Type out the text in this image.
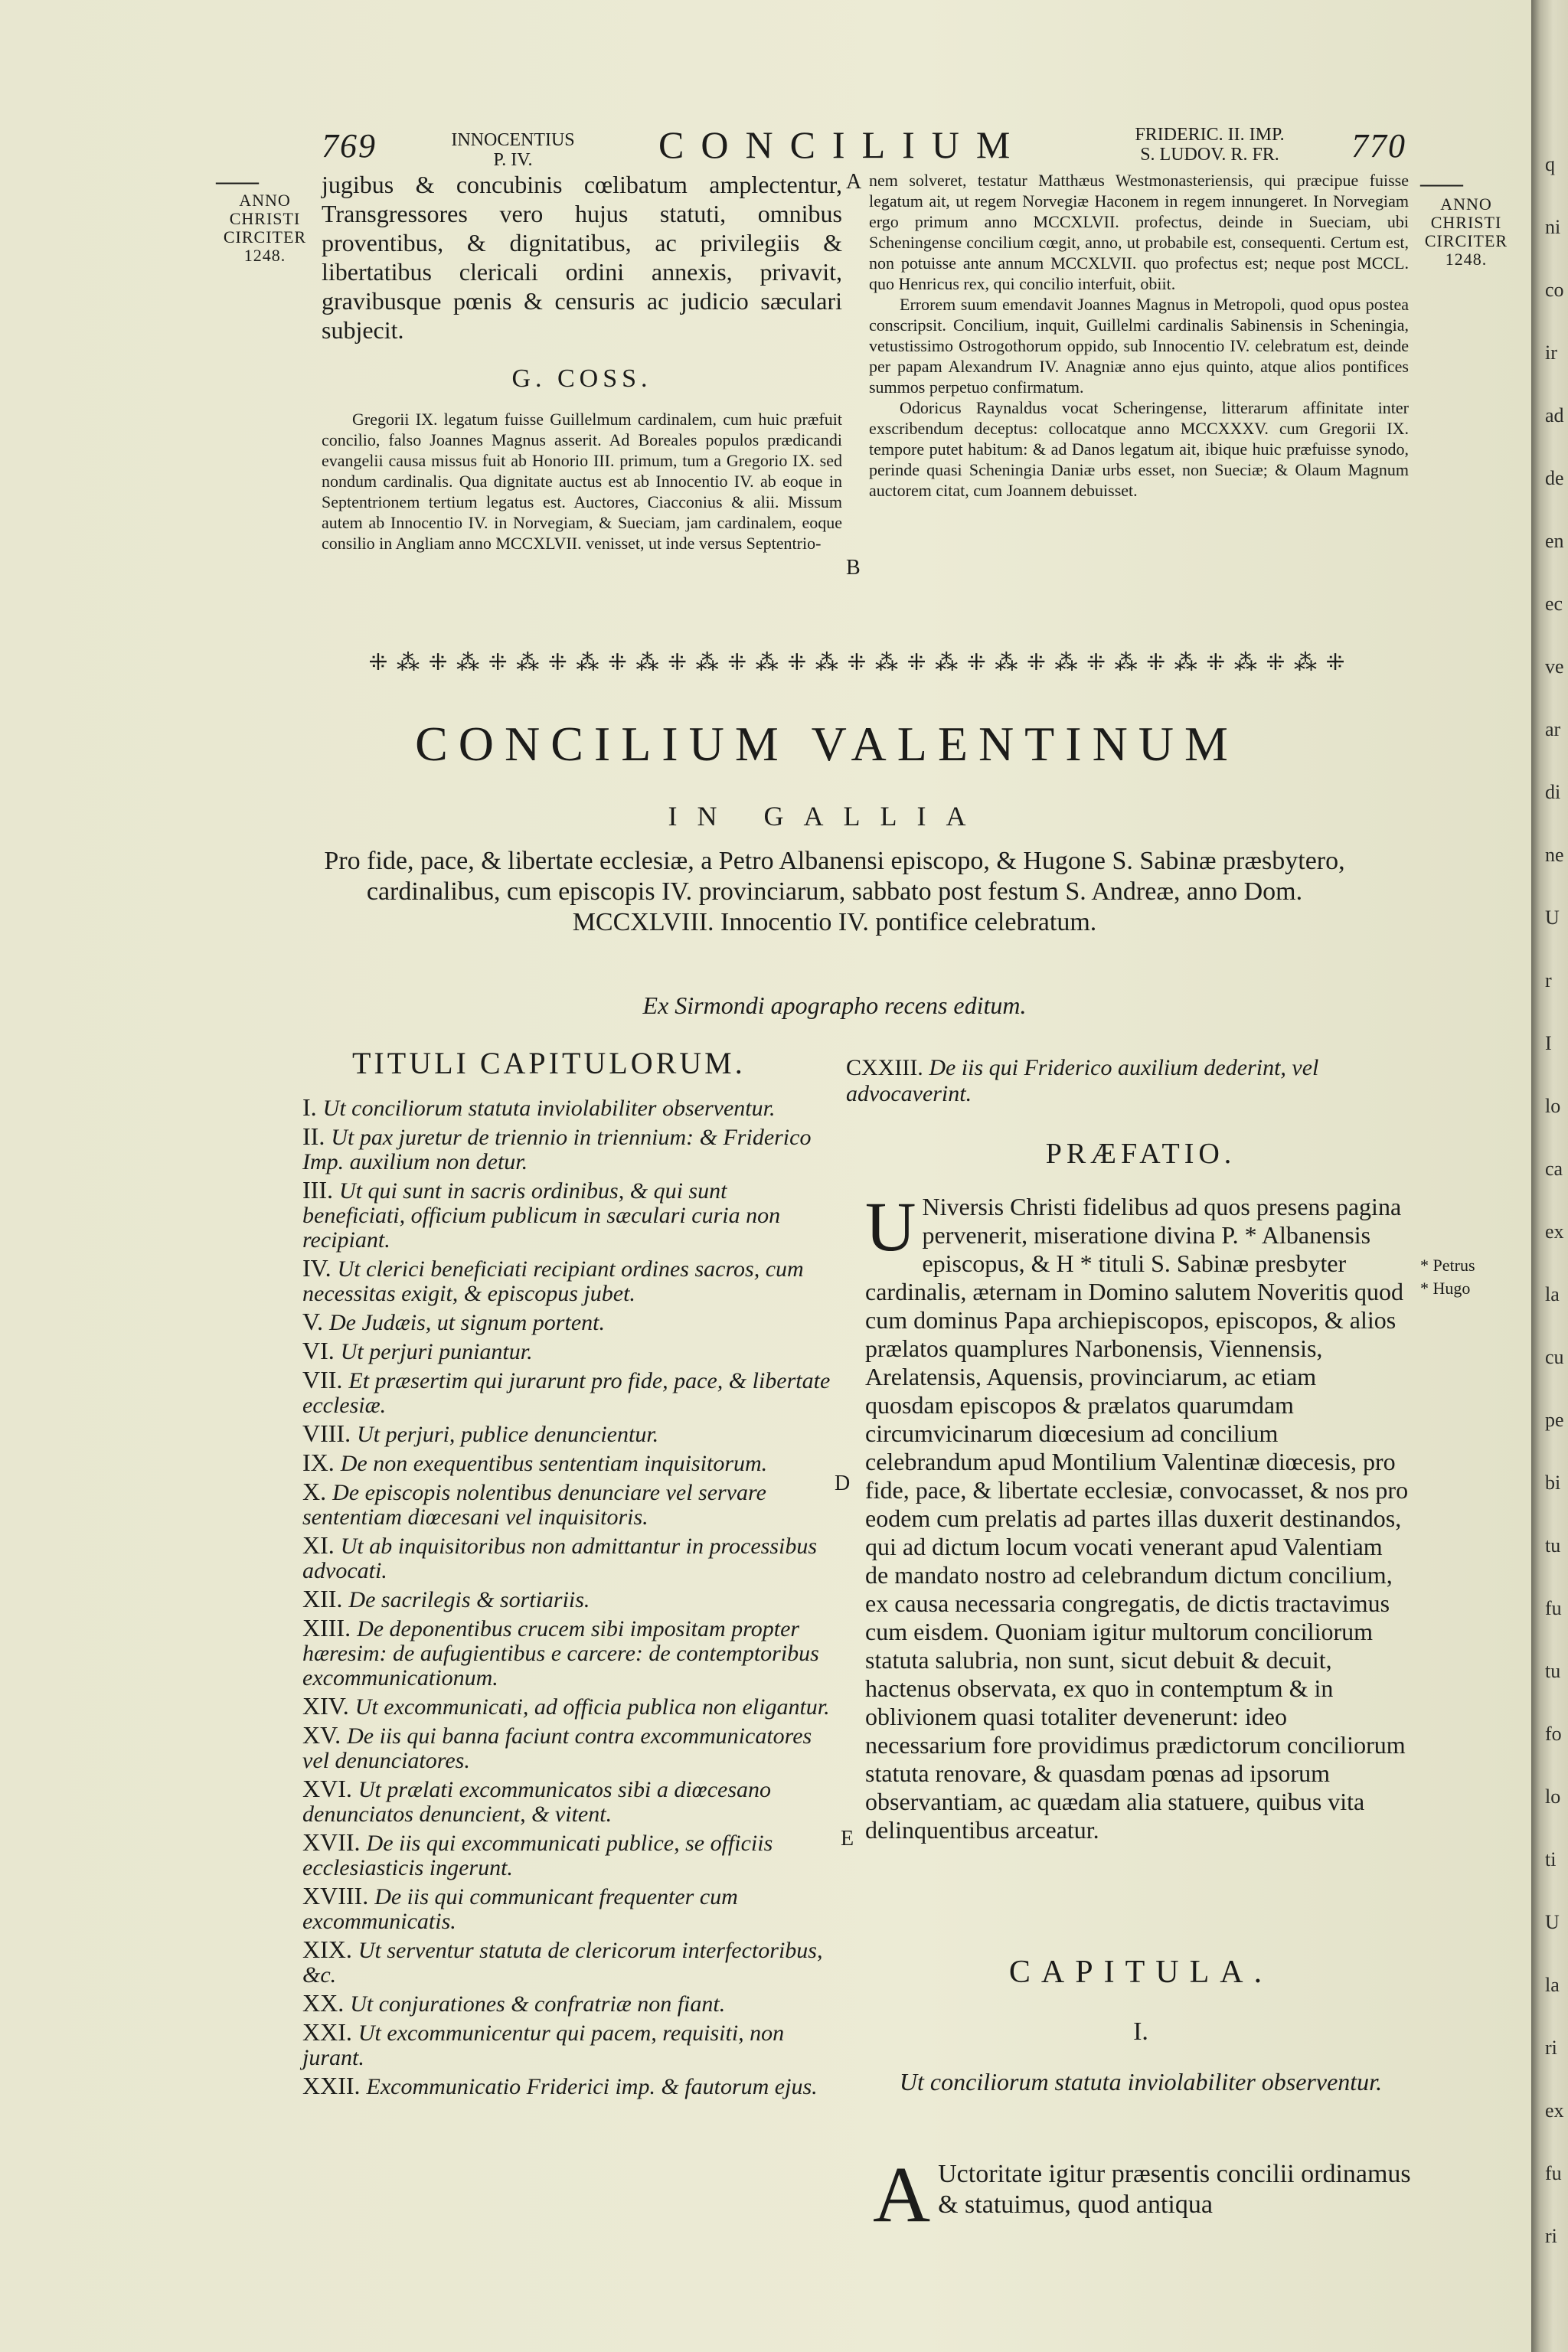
769	INNOCENTIUS
P. IV.	CONCILIUM	FRIDERIC. II. IMP.
S. LUDOV. R. FR.	770
——
ANNO
CHRISTI
CIRCITER
1248.
——
ANNO
CHRISTI
CIRCITER
1248.
A
B
D
E

jugibus & concubinis cœlibatum amplectentur, Transgressores vero hujus statuti, omnibus proventibus, & dignitatibus, ac privilegiis & libertatibus clericali ordini annexis, privavit, gravibusque pœnis & censuris ac judicio sæculari subjecit.

G. COSS.

Gregorii IX. legatum fuisse Guillelmum cardinalem, cum huic præfuit concilio, falso Joannes Magnus asserit. Ad Boreales populos prædicandi evangelii causa missus fuit ab Honorio III. primum, tum a Gregorio IX. sed nondum cardinalis. Qua dignitate auctus est ab Innocentio IV. ab eoque in Septentrionem tertium legatus est. Auctores, Ciacconius & alii. Missum autem ab Innocentio IV. in Norvegiam, & Sueciam, jam cardinalem, eoque consilio in Angliam anno MCCXLVII. venisset, ut inde versus Septentrio-

nem solveret, testatur Matthæus Westmonasteriensis, qui præcipue fuisse legatum ait, ut regem Norvegiæ Haconem in regem innungeret. In Norvegiam ergo primum anno MCCXLVII. profectus, deinde in Sueciam, ubi Scheningense concilium cœgit, anno, ut probabile est, consequenti. Certum est, non potuisse ante annum MCCXLVII. quo profectus est; neque post MCCL. quo Henricus rex, qui concilio interfuit, obiit.

Errorem suum emendavit Joannes Magnus in Metropoli, quod opus postea conscripsit. Concilium, inquit, Guillelmi cardinalis Sabinensis in Scheningia, vetustissimo Ostrogothorum oppido, sub Innocentio IV. celebratum est, deinde per papam Alexandrum IV. Anagniæ anno ejus quinto, atque alios pontifices summos perpetuo confirmatum.

Odoricus Raynaldus vocat Scheringense, litterarum affinitate inter exscribendum deceptus: collocatque anno MCCXXXV. cum Gregorii IX. tempore putet habitum: & ad Danos legatum ait, ibique huic præfuisse synodo, perinde quasi Scheningia Daniæ urbs esset, non Sueciæ; & Olaum Magnum auctorem citat, cum Joannem debuisset.

⁜ ⁂ ⁜ ⁂ ⁜ ⁂ ⁜ ⁂ ⁜ ⁂ ⁜ ⁂ ⁜ ⁂ ⁜ ⁂ ⁜ ⁂ ⁜ ⁂ ⁜ ⁂ ⁜ ⁂ ⁜ ⁂ ⁜ ⁂ ⁜ ⁂ ⁜ ⁂ ⁜
CONCILIUM VALENTINUM
IN GALLIA
Pro fide, pace, & libertate ecclesiæ, a Petro Albanensi episcopo, & Hugone S. Sabinæ præsbytero, cardinalibus, cum episcopis IV. provinciarum, sabbato post festum S. Andreæ, anno Dom. MCCXLVIII. Innocentio IV. pontifice celebratum.
Ex Sirmondi apographo recens editum.
TITULI CAPITULORUM.
I. Ut conciliorum statuta inviolabiliter observentur.
II. Ut pax juretur de triennio in triennium: & Friderico Imp. auxilium non detur.
III. Ut qui sunt in sacris ordinibus, & qui sunt beneficiati, officium publicum in sæculari curia non recipiant.
IV. Ut clerici beneficiati recipiant ordines sacros, cum necessitas exigit, & episcopus jubet.
V. De Judæis, ut signum portent.
VI. Ut perjuri puniantur.
VII. Et præsertim qui jurarunt pro fide, pace, & libertate ecclesiæ.
VIII. Ut perjuri, publice denuncientur.
IX. De non exequentibus sententiam inquisitorum.
X. De episcopis nolentibus denunciare vel servare sententiam diœcesani vel inquisitoris.
XI. Ut ab inquisitoribus non admittantur in processibus advocati.
XII. De sacrilegis & sortiariis.
XIII. De deponentibus crucem sibi impositam propter hæresim: de aufugientibus e carcere: de contemptoribus excommunicationum.
XIV. Ut excommunicati, ad officia publica non eligantur.
XV. De iis qui banna faciunt contra excommunicatores vel denunciatores.
XVI. Ut prælati excommunicatos sibi a diœcesano denunciatos denuncient, & vitent.
XVII. De iis qui excommunicati publice, se officiis ecclesiasticis ingerunt.
XVIII. De iis qui communicant frequenter cum excommunicatis.
XIX. Ut serventur statuta de clericorum interfectoribus, &c.
XX. Ut conjurationes & confratriæ non fiant.
XXI. Ut excommunicentur qui pacem, requisiti, non jurant.
XXII. Excommunicatio Friderici imp. & fautorum ejus.
CXXIII. De iis qui Friderico auxilium dederint, vel advocaverint.
PRÆFATIO.
U Niversis Christi fidelibus ad quos presens pagina pervenerit, miseratione divina P. * Albanensis episcopus, & H * tituli S. Sabinæ presbyter cardinalis, æternam in Domino salutem Noveritis quod cum dominus Papa archiepiscopos, episcopos, & alios prælatos quamplures Narbonensis, Viennensis, Arelatensis, Aquensis, provinciarum, ac etiam quosdam episcopos & prælatos quarumdam circumvicinarum diœcesium ad concilium celebrandum apud Montilium Valentinæ diœcesis, pro fide, pace, & libertate ecclesiæ, convocasset, & nos pro eodem cum prelatis ad partes illas duxerit destinandos, qui ad dictum locum vocati venerant apud Valentiam de mandato nostro ad celebrandum dictum concilium, ex causa necessaria congregatis, de dictis tractavimus cum eisdem. Quoniam igitur multorum conciliorum statuta salubria, non sunt, sicut debuit & decuit, hactenus observata, ex quo in contemptum & in oblivionem quasi totaliter devenerunt: ideo necessarium fore providimus prædictorum conciliorum statuta renovare, & quasdam pœnas ad ipsorum observantiam, ac quædam alia statuere, quibus vita delinquentibus arceatur.
* Petrus
* Hugo
CAPITULA.
I.
Ut conciliorum statuta inviolabiliter observentur.
A Uctoritate igitur præsentis concilii ordinamus & statuimus, quod antiqua
q
ni
co
ir
ad
de
en
ec
ve
ar
di
ne
U
r
I
lo
ca
ex
la
cu
pe
bi
tu
fu
tu
fo
lo
ti
U
la
ri
ex
fu
ri
